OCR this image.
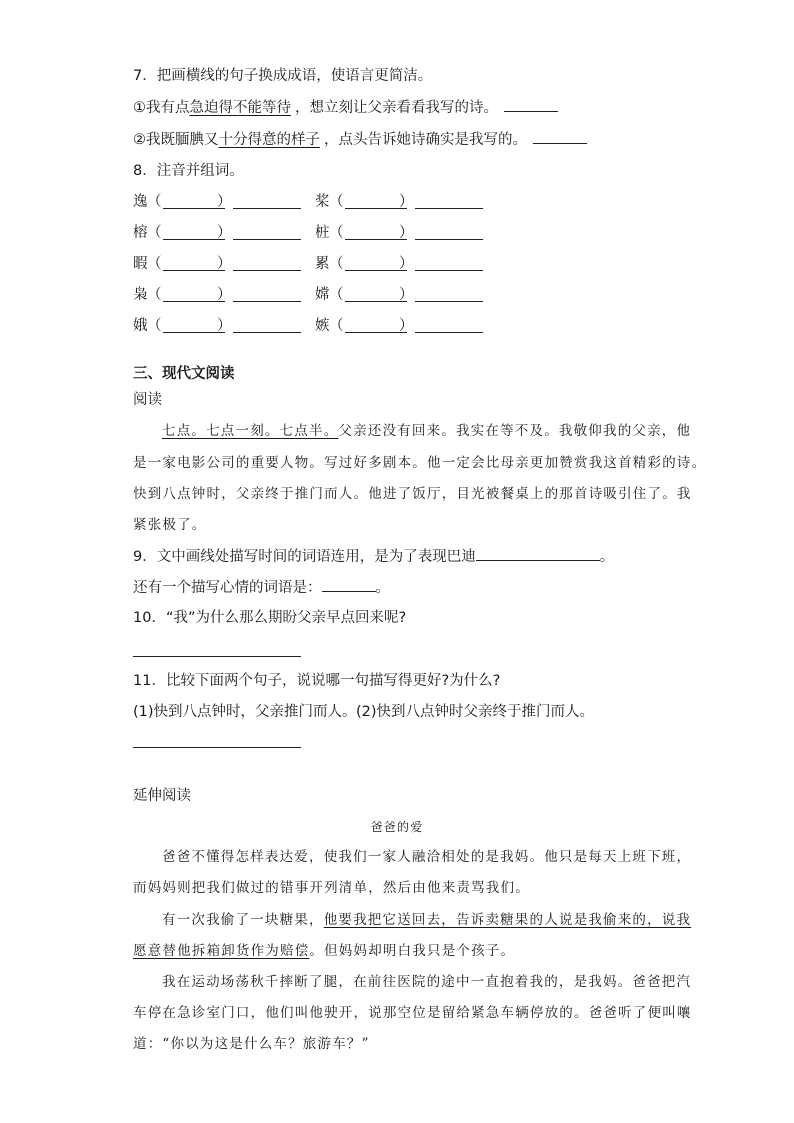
7．把画横线的句子换成成语，使语言更简洁。
①我有点急迫得不能等待 ，想立刻让父亲看看我写的诗。
②我既腼腆又十分得意的样子 ，点头告诉她诗确实是我写的。
8．注音并组词。
逸 （	）	桨 （	）
榕 （	）	桩 （	）
暇 （	）	累 （	）
枭 （	）	嫦 （	）
娥 （	）	嫉 （	）
三、现代文阅读
阅读
七点。七点一刻。七点半。父亲还没有回来。我实在等不及。我敬仰我的父亲，他
是一家电影公司的重要人物。写过好多剧本。他一定会比母亲更加赞赏我这首精彩的诗。
快到八点钟时，父亲终于推门而人。他进了饭厅，目光被餐桌上的那首诗吸引住了。我
紧张极了。
9．文中画线处描写时间的词语连用，是为了表现巴迪	。
还有一个描写心情的词语是：	。
10．“我”为什么那么期盼父亲早点回来呢?
11．比较下面两个句子，说说哪一句描写得更好?为什么?
(1)快到八点钟时，父亲推门而人。 (2)快到八点钟时父亲终于推门而人。
延伸阅读
爸爸的爱
爸爸不懂得怎样表达爱，使我们一家人融洽相处的是我妈。他只是每天上班下班，
而妈妈则把我们做过的错事开列清单，然后由他来责骂我们。
有一次我偷了一块糖果，他要我把它送回去，告诉卖糖果的人说是我偷来的，说我
愿意替他拆箱卸货作为赔偿。但妈妈却明白我只是个孩子。
我在运动场荡秋千摔断了腿，在前往医院的途中一直抱着我的，是我妈。爸爸把汽
车停在急诊室门口，他们叫他驶开，说那空位是留给紧急车辆停放的。爸爸听了便叫嚷
道：“你以为这是什么车？旅游车？”
